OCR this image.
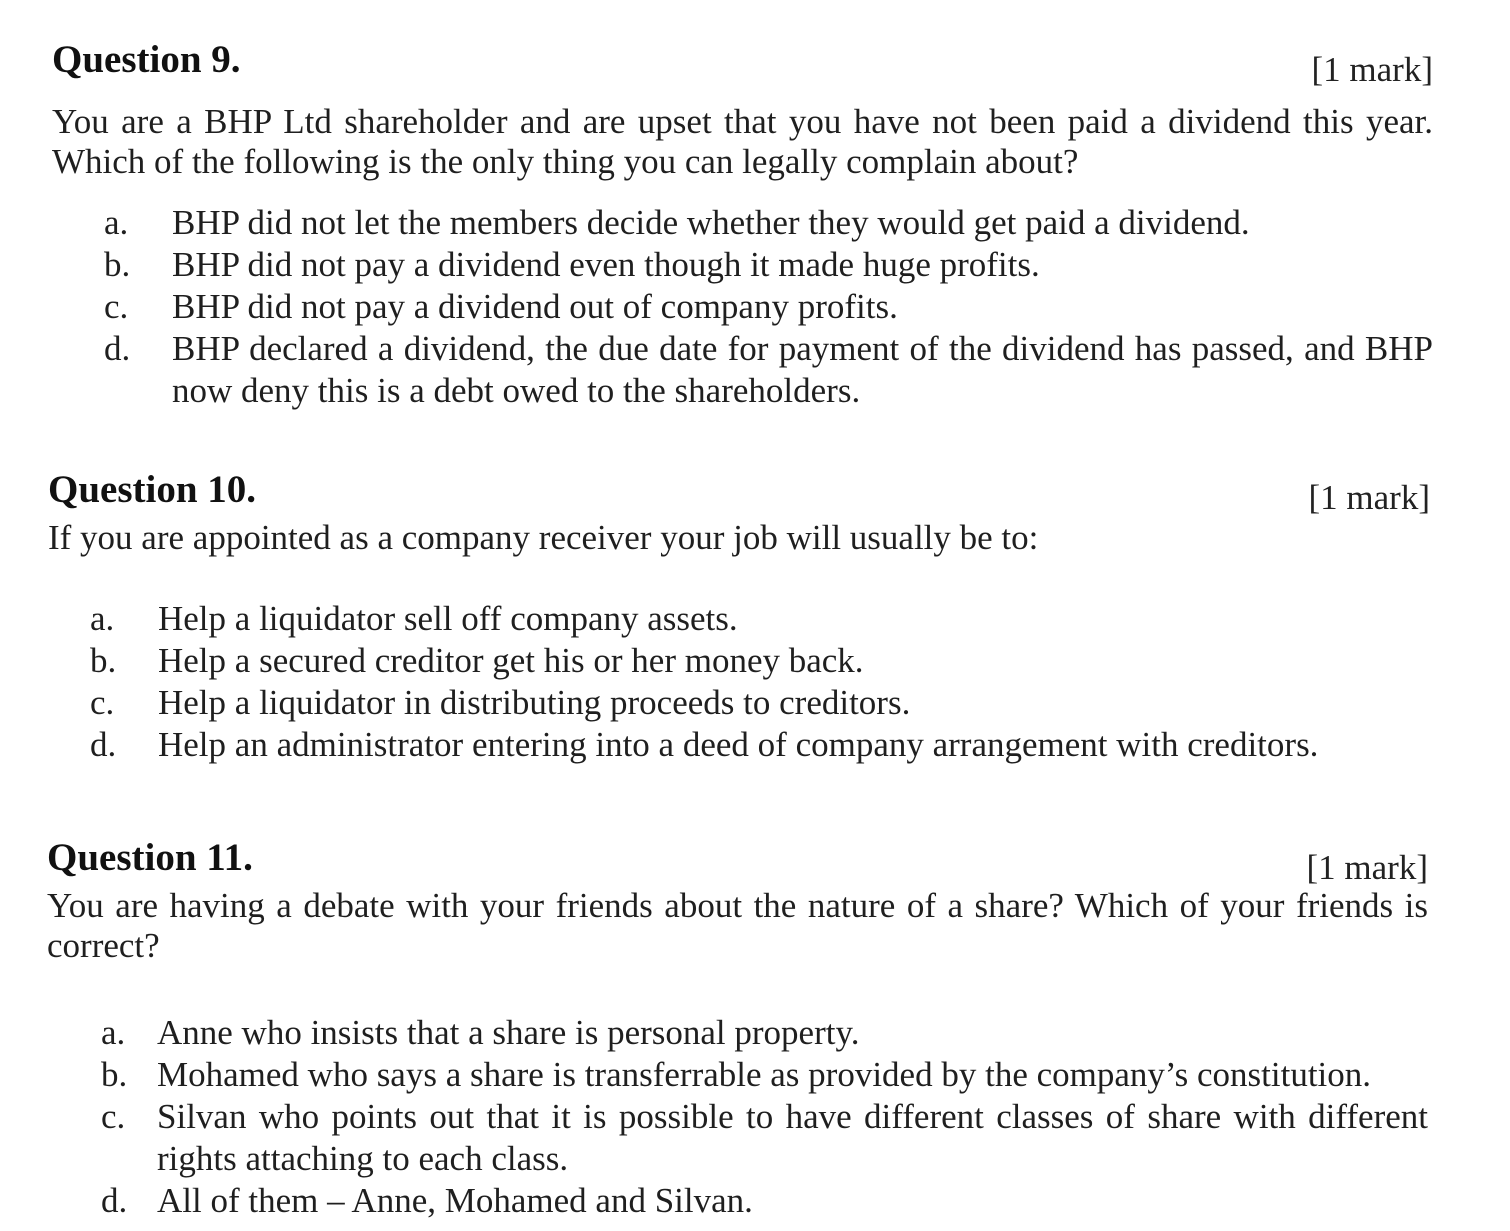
Question 9.	[1 mark]

You are a BHP Ltd shareholder and are upset that you have not been paid a dividend this year. Which of the following is the only thing you can legally complain about?

a. BHP did not let the members decide whether they would get paid a dividend.
b. BHP did not pay a dividend even though it made huge profits.
c. BHP did not pay a dividend out of company profits.
d. BHP declared a dividend, the due date for payment of the dividend has passed, and BHP now deny this is a debt owed to the shareholders.
Question 10.	[1 mark]

If you are appointed as a company receiver your job will usually be to:

a. Help a liquidator sell off company assets.
b. Help a secured creditor get his or her money back.
c. Help a liquidator in distributing proceeds to creditors.
d. Help an administrator entering into a deed of company arrangement with creditors.
Question 11.	[1 mark]

You are having a debate with your friends about the nature of a share? Which of your friends is correct?

a. Anne who insists that a share is personal property.
b. Mohamed who says a share is transferrable as provided by the company’s constitution.
c. Silvan who points out that it is possible to have different classes of share with different rights attaching to each class.
d. All of them – Anne, Mohamed and Silvan.
